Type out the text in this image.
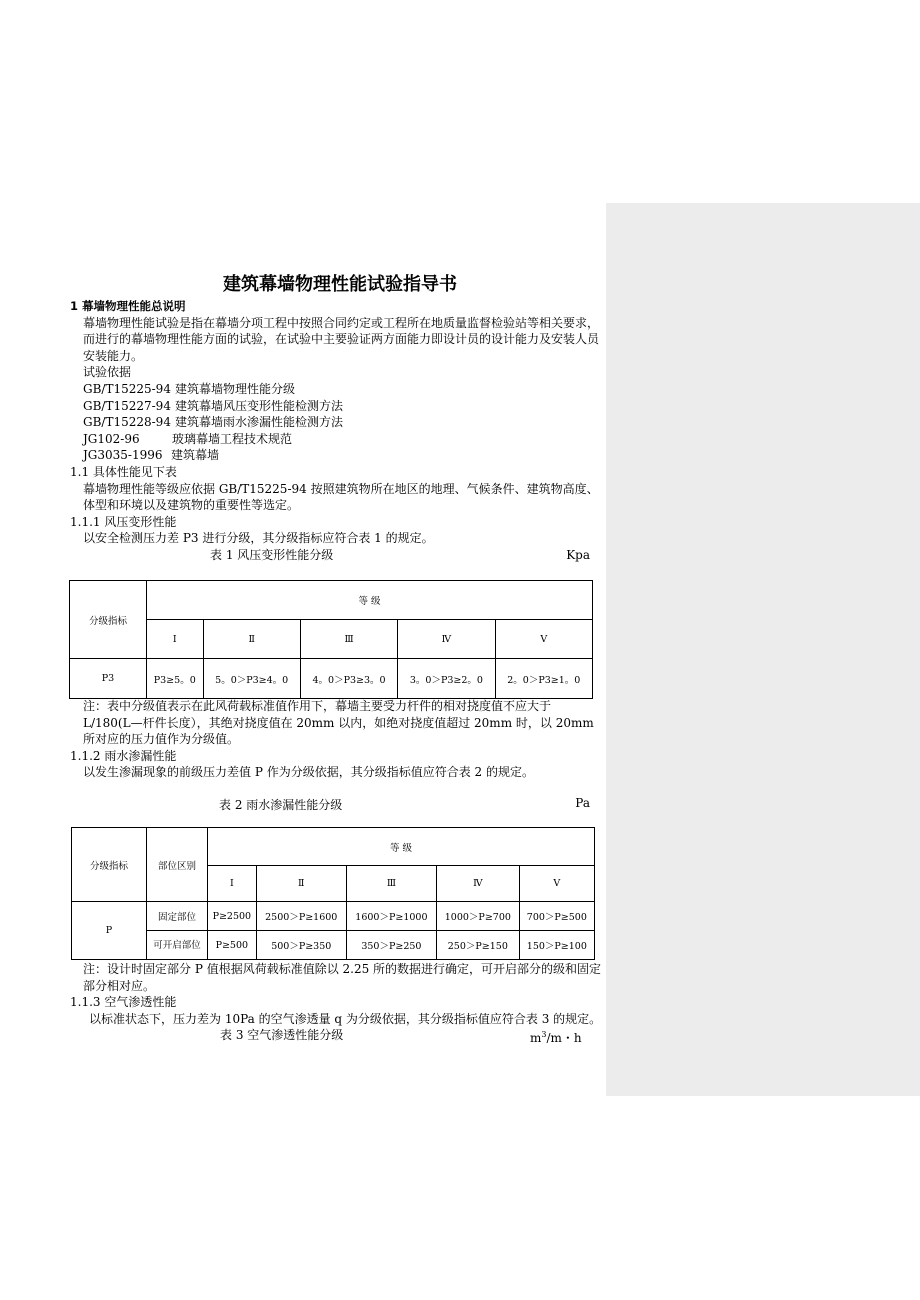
建筑幕墙物理性能试验指导书
1 幕墙物理性能总说明

幕墙物理性能试验是指在幕墙分项工程中按照合同约定或工程所在地质量监督检验站等相关要求，而进行的幕墙物理性能方面的试验，在试验中主要验证两方面能力即设计员的设计能力及安装人员安装能力。

试验依据
GB/T15225-94 建筑幕墙物理性能分级
GB/T15227-94 建筑幕墙风压变形性能检测方法
GB/T15228-94 建筑幕墙雨水渗漏性能检测方法
JG102-96	玻璃幕墙工程技术规范
JG3035-1996 建筑幕墙
1.1 具体性能见下表

幕墙物理性能等级应依据 GB/T15225-94 按照建筑物所在地区的地理、气候条件、建筑物高度、体型和环境以及建筑物的重要性等选定。

1.1.1 风压变形性能
以安全检测压力差 P3 进行分级，其分级指标应符合表 1 的规定。
表 1 风压变形性能分级	Kpa
分级指标	等 级				
	Ⅰ	Ⅱ	Ⅲ	Ⅳ	Ⅴ
P3	P3≥5。0	5。0＞P3≥4。0	4。0＞P3≥3。0	3。0＞P3≥2。0	2。0＞P3≥1。0

注：表中分级值表示在此风荷载标准值作用下，幕墙主要受力杆件的相对挠度值不应大于 L/180(L—杆件长度），其绝对挠度值在 20mm 以内，如绝对挠度值超过 20mm 时，以 20mm 所对应的压力值作为分级值。

1.1.2 雨水渗漏性能
以发生渗漏现象的前级压力差值 P 作为分级依据，其分级指标值应符合表 2 的规定。
表 2 雨水渗漏性能分级	Pa
分级指标	部位区别	等 级				
		Ⅰ	Ⅱ	Ⅲ	Ⅳ	Ⅴ
P	固定部位	P≥2500	2500＞P≥1600	1600＞P≥1000	1000＞P≥700	700＞P≥500
	可开启部位	P≥500	500＞P≥350	350＞P≥250	250＞P≥150	150＞P≥100

注：设计时固定部分 P 值根据风荷载标准值除以 2.25 所的数据进行确定，可开启部分的级和固定部分相对应。

1.1.3 空气渗透性能

以标准状态下，压力差为 10Pa 的空气渗透量 q 为分级依据，其分级指标值应符合表 3 的规定。

表 3 空气渗透性能分级	$m^3/m$・h
